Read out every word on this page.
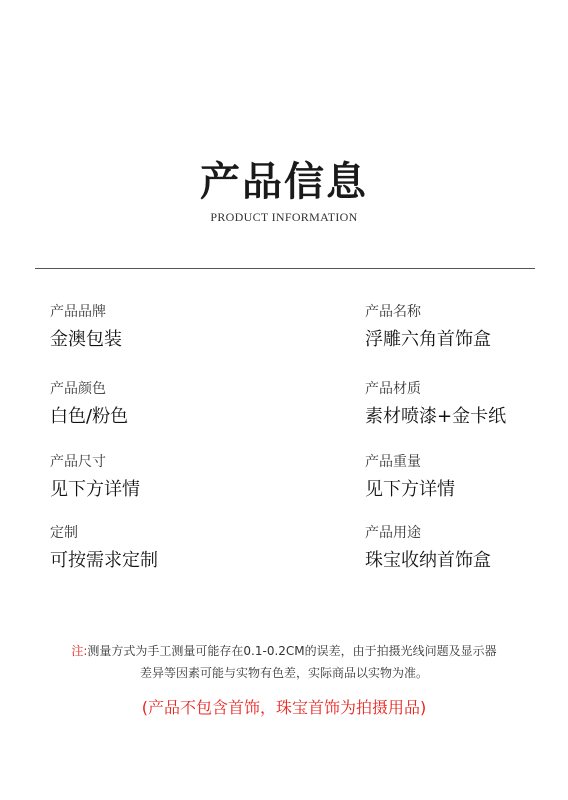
产品信息
PRODUCT INFORMATION
产品品牌
金澳包装
产品名称
浮雕六角首饰盒
产品颜色
白色/粉色
产品材质
素材喷漆+金卡纸
产品尺寸
见下方详情
产品重量
见下方详情
定制
可按需求定制
产品用途
珠宝收纳首饰盒
注:测量方式为手工测量可能存在0.1-0.2CM的误差，由于拍摄光线问题及显示器
差异等因素可能与实物有色差，实际商品以实物为准。
(产品不包含首饰，珠宝首饰为拍摄用品)
